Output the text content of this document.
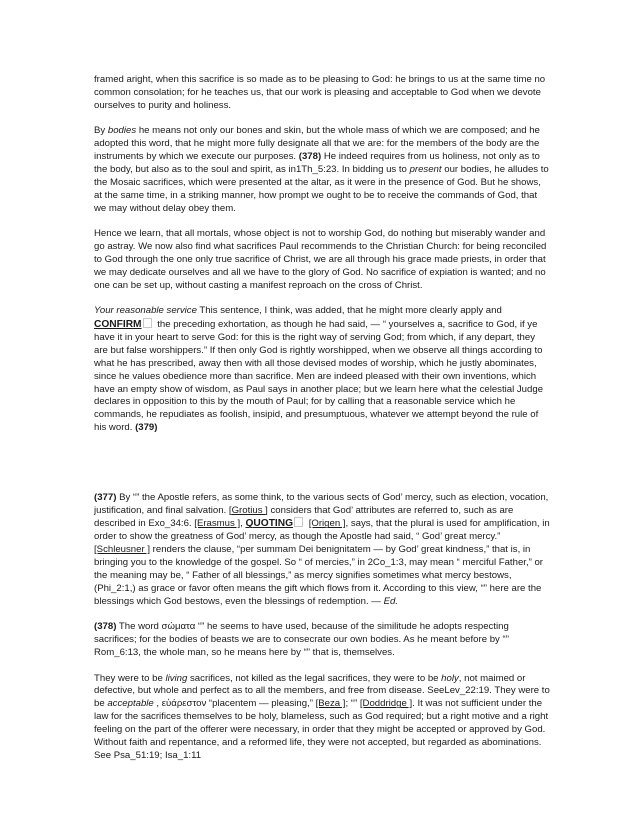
framed aright, when this sacrifice is so made as to be pleasing to God: he brings to us at the same time no common consolation; for he teaches us, that our work is pleasing and acceptable to God when we devote ourselves to purity and holiness.

By bodies he means not only our bones and skin, but the whole mass of which we are composed; and he adopted this word, that he might more fully designate all that we are: for the members of the body are the instruments by which we execute our purposes. (378) He indeed requires from us holiness, not only as to the body, but also as to the soul and spirit, as in1Th_5:23. In bidding us to present our bodies, he alludes to the Mosaic sacrifices, which were presented at the altar, as it were in the presence of God. But he shows, at the same time, in a striking manner, how prompt we ought to be to receive the commands of God, that we may without delay obey them.

Hence we learn, that all mortals, whose object is not to worship God, do nothing but miserably wander and go astray. We now also find what sacrifices Paul recommends to the Christian Church: for being reconciled to God through the one only true sacrifice of Christ, we are all through his grace made priests, in order that we may dedicate ourselves and all we have to the glory of God. No sacrifice of expiation is wanted; and no one can be set up, without casting a manifest reproach on the cross of Christ.

Your reasonable service This sentence, I think, was added, that he might more clearly apply and CONFIRM the preceding exhortation, as though he had said, — “ yourselves a, sacrifice to God, if ye have it in your heart to serve God: for this is the right way of serving God; from which, if any depart, they are but false worshippers.” If then only God is rightly worshipped, when we observe all things according to what he has prescribed, away then with all those devised modes of worship, which he justly abominates, since he values obedience more than sacrifice. Men are indeed pleased with their own inventions, which have an empty show of wisdom, as Paul says in another place; but we learn here what the celestial Judge declares in opposition to this by the mouth of Paul; for by calling that a reasonable service which he commands, he repudiates as foolish, insipid, and presumptuous, whatever we attempt beyond the rule of his word. (379)

(377) By “” the Apostle refers, as some think, to the various sects of God’ mercy, such as election, vocation, justification, and final salvation. [Grotius ] considers that God’ attributes are referred to, such as are described in Exo_34:6. [Erasmus ], QUOTING [Origen ], says, that the plural is used for amplification, in order to show the greatness of God’ mercy, as though the Apostle had said, “ God’ great mercy.” [Schleusner ] renders the clause, “per summam Dei benignitatem — by God’ great kindness,” that is, in bringing you to the knowledge of the gospel. So “ of mercies,” in 2Co_1:3, may mean “ merciful Father,” or the meaning may be, “ Father of all blessings,” as mercy signifies sometimes what mercy bestows, (Phi_2:1,) as grace or favor often means the gift which flows from it. According to this view, “” here are the blessings which God bestows, even the blessings of redemption. — Ed.

(378) The word σώματα “” he seems to have used, because of the similitude he adopts respecting sacrifices; for the bodies of beasts we are to consecrate our own bodies. As he meant before by “” Rom_6:13, the whole man, so he means here by “” that is, themselves.

They were to be living sacrifices, not killed as the legal sacrifices, they were to be holy, not maimed or defective, but whole and perfect as to all the members, and free from disease. SeeLev_22:19. They were to be acceptable , εὐάρεστον “placentem — pleasing,” [Beza ]; “” [Doddridge ]. It was not sufficient under the law for the sacrifices themselves to be holy, blameless, such as God required; but a right motive and a right feeling on the part of the offerer were necessary, in order that they might be accepted or approved by God. Without faith and repentance, and a reformed life, they were not accepted, but regarded as abominations. See Psa_51:19; Isa_1:11
